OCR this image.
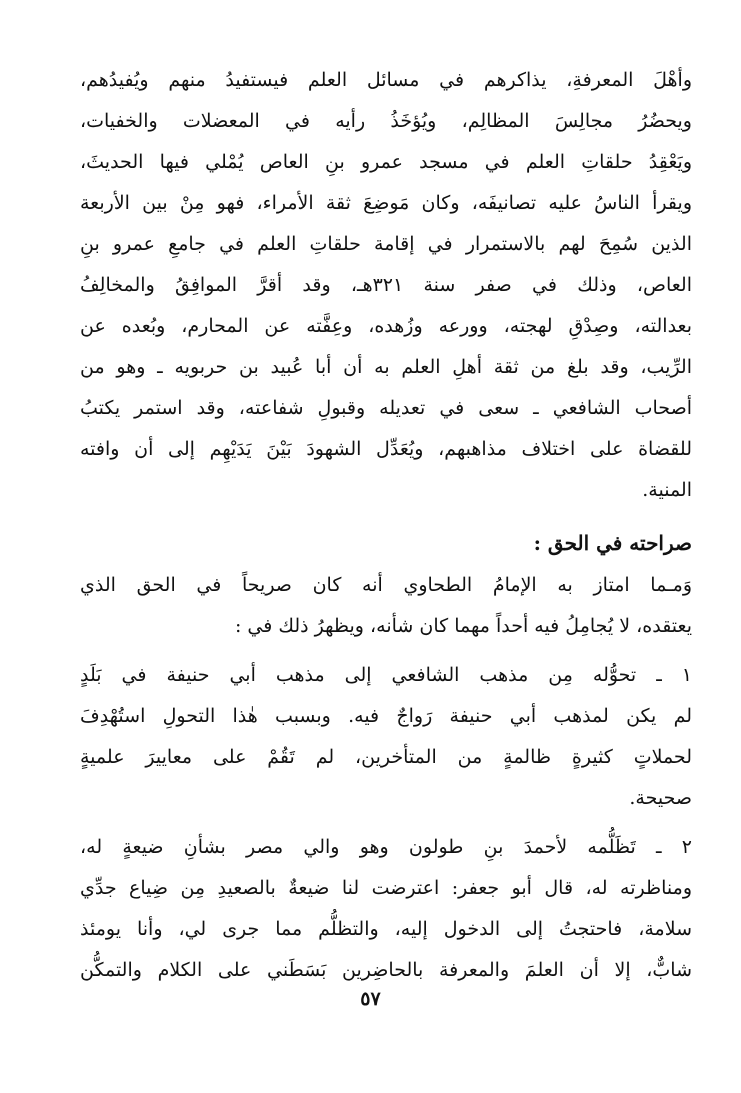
وأهْلَ المعرفةِ، يذاكرهم في مسائل العلم فيستفيدُ منهم ويُفيدُهم،
ويحضُرُ مجالِسَ المظالِم، ويُؤخَذُ رأيه في المعضلات والخفيات،
ويَعْقِدُ حلقاتِ العلم في مسجد عمرو بنِ العاص يُمْلي فيها الحديثَ،
ويقرأ الناسُ عليه تصانيفَه، وكان مَوضِعَ ثقة الأمراء، فهو مِنْ بين الأربعة
الذين سُمِحَ لهم بالاستمرار في إقامة حلقاتِ العلم في جامعِ عمرو بنِ
العاص، وذلك في صفر سنة ٣٢١هـ، وقد أقرَّ الموافِقُ والمخالِفُ
بعدالته، وصِدْقِ لهجته، وورعه وزُهده، وعِفَّته عن المحارم، وبُعده عن
الرِّيب، وقد بلغ من ثقة أهلِ العلم به أن أبا عُبيد بن حربويه ـ وهو من
أصحاب الشافعي ـ سعى في تعديله وقبولِ شفاعته، وقد استمر يكتبُ
للقضاة على اختلاف مذاهبهم، ويُعَدِّل الشهودَ بَيْنَ يَدَيْهِم إلى أن وافته
المنية.
صراحته في الحق :
وَمـما امتاز به الإمامُ الطحاوي أنه كان صريحاً في الحق الذي
يعتقده، لا يُجامِلُ فيه أحداً مهما كان شأنه، ويظهرُ ذلك في :
١ ـ تحوُّله مِن مذهب الشافعي إلى مذهب أبي حنيفة في بَلَدٍ
لم يكن لمذهب أبي حنيفة رَواجٌ فيه. وبسبب هٰذا التحولِ استُهْدِفَ
لحملاتٍ كثيرةٍ ظالمةٍ من المتأخرين، لم تَقُمْ على معاييرَ علميةٍ
صحيحة.
٢ ـ تَظَلُّمه لأحمدَ بنِ طولون وهو والي مصر بشأنِ ضيعةٍ له،
ومناظرته له، قال أبو جعفر: اعترضت لنا ضيعةٌ بالصعيدِ مِن ضِياع جدِّي
سلامة، فاحتجتُ إلى الدخول إليه، والتظلُّم مما جرى لي، وأنا يومئذ
شابٌّ، إلا أن العلمَ والمعرفة بالحاضِرين بَسَطَني على الكلام والتمكُّن
٥٧
